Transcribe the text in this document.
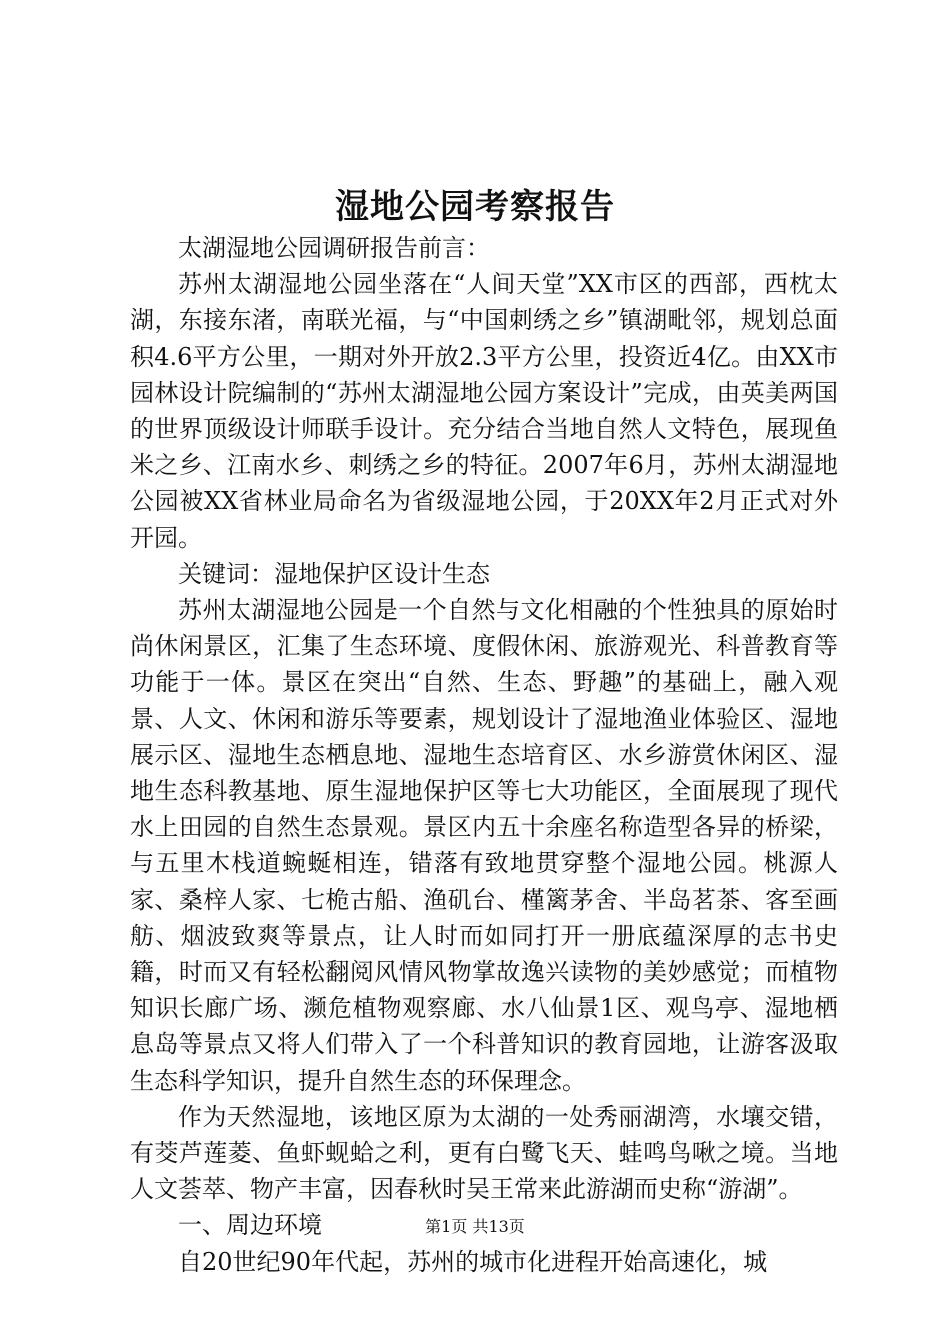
湿地公园考察报告

太湖湿地公园调研报告前言：

苏州太湖湿地公园坐落在“人间天堂”XX市区的西部，西枕太湖，东接东渚，南联光福，与“中国刺绣之乡”镇湖毗邻，规划总面积4.6平方公里，一期对外开放2.3平方公里，投资近4亿。由XX市园林设计院编制的“苏州太湖湿地公园方案设计”完成，由英美两国的世界顶级设计师联手设计。充分结合当地自然人文特色，展现鱼米之乡、江南水乡、刺绣之乡的特征。2007年6月，苏州太湖湿地公园被XX省林业局命名为省级湿地公园，于20XX年2月正式对外开园。

关键词：湿地保护区设计生态

苏州太湖湿地公园是一个自然与文化相融的个性独具的原始时尚休闲景区，汇集了生态环境、度假休闲、旅游观光、科普教育等功能于一体。景区在突出“自然、生态、野趣”的基础上，融入观景、人文、休闲和游乐等要素，规划设计了湿地渔业体验区、湿地展示区、湿地生态栖息地、湿地生态培育区、水乡游赏休闲区、湿地生态科教基地、原生湿地保护区等七大功能区，全面展现了现代水上田园的自然生态景观。景区内五十余座名称造型各异的桥梁，与五里木栈道蜿蜒相连，错落有致地贯穿整个湿地公园。桃源人家、桑梓人家、七桅古船、渔矶台、槿篱茅舍、半岛茗茶、客至画舫、烟波致爽等景点，让人时而如同打开一册底蕴深厚的志书史籍，时而又有轻松翻阅风情风物掌故逸兴读物的美妙感觉；而植物知识长廊广场、濒危植物观察廊、水八仙景1区、观鸟亭、湿地栖息岛等景点又将人们带入了一个科普知识的教育园地，让游客汲取生态科学知识，提升自然生态的环保理念。

作为天然湿地，该地区原为太湖的一处秀丽湖湾，水壤交错，有茭芦莲菱、鱼虾蚬蛤之利，更有白鹭飞天、蛙鸣鸟啾之境。当地人文荟萃、物产丰富，因春秋时吴王常来此游湖而史称“游湖”。

一、周边环境

自20世纪90年代起，苏州的城市化进程开始高速化，城

第1页 共13页
